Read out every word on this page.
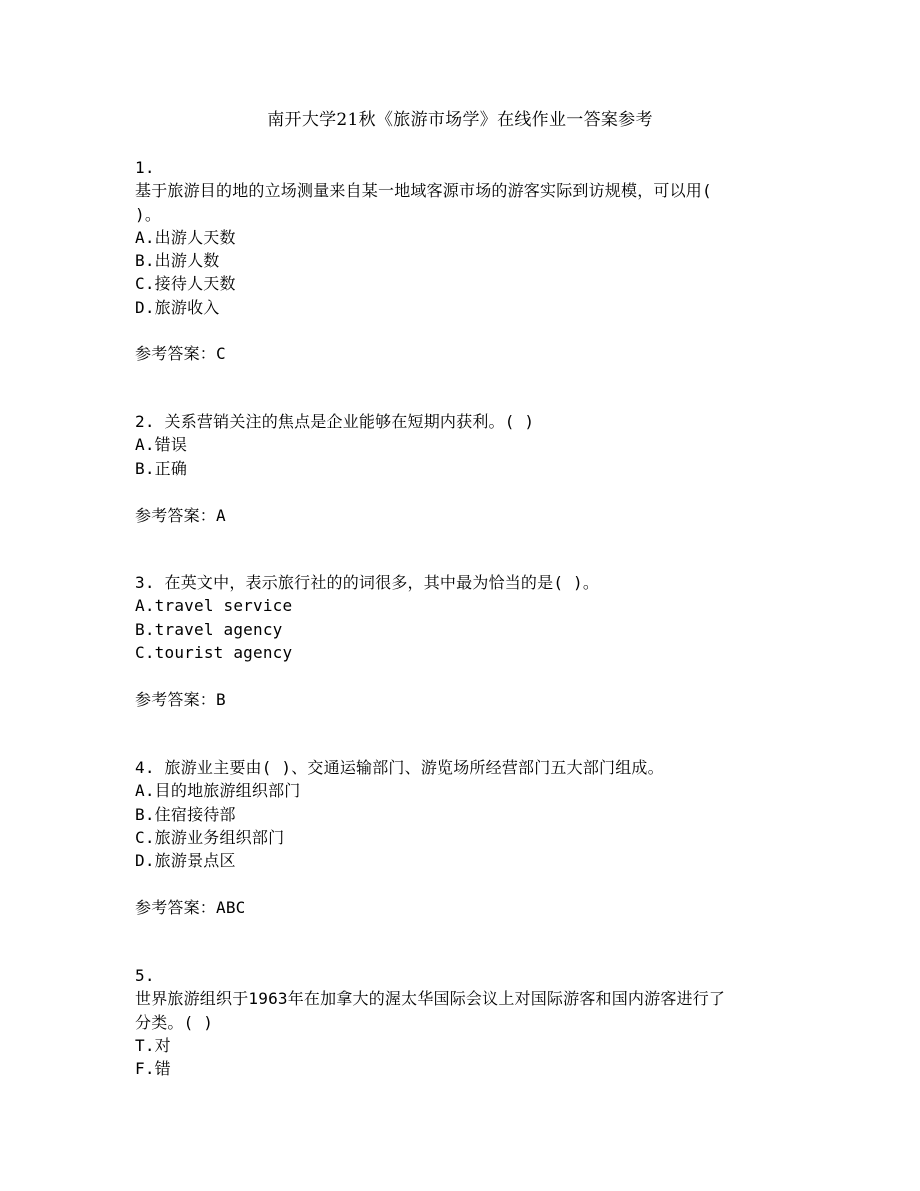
南开大学21秋《旅游市场学》在线作业一答案参考
1.
基于旅游目的地的立场测量来自某一地域客源市场的游客实际到访规模，可以用(
)。
A.出游人天数
B.出游人数
C.接待人天数
D.旅游收入
参考答案：C
2. 关系营销关注的焦点是企业能够在短期内获利。( )
A.错误
B.正确
参考答案：A
3. 在英文中，表示旅行社的的词很多，其中最为恰当的是( )。
A.travel service
B.travel agency
C.tourist agency
参考答案：B
4. 旅游业主要由( )、交通运输部门、游览场所经营部门五大部门组成。
A.目的地旅游组织部门
B.住宿接待部
C.旅游业务组织部门
D.旅游景点区
参考答案：ABC
5.
世界旅游组织于1963年在加拿大的渥太华国际会议上对国际游客和国内游客进行了
分类。( )
T.对
F.错
